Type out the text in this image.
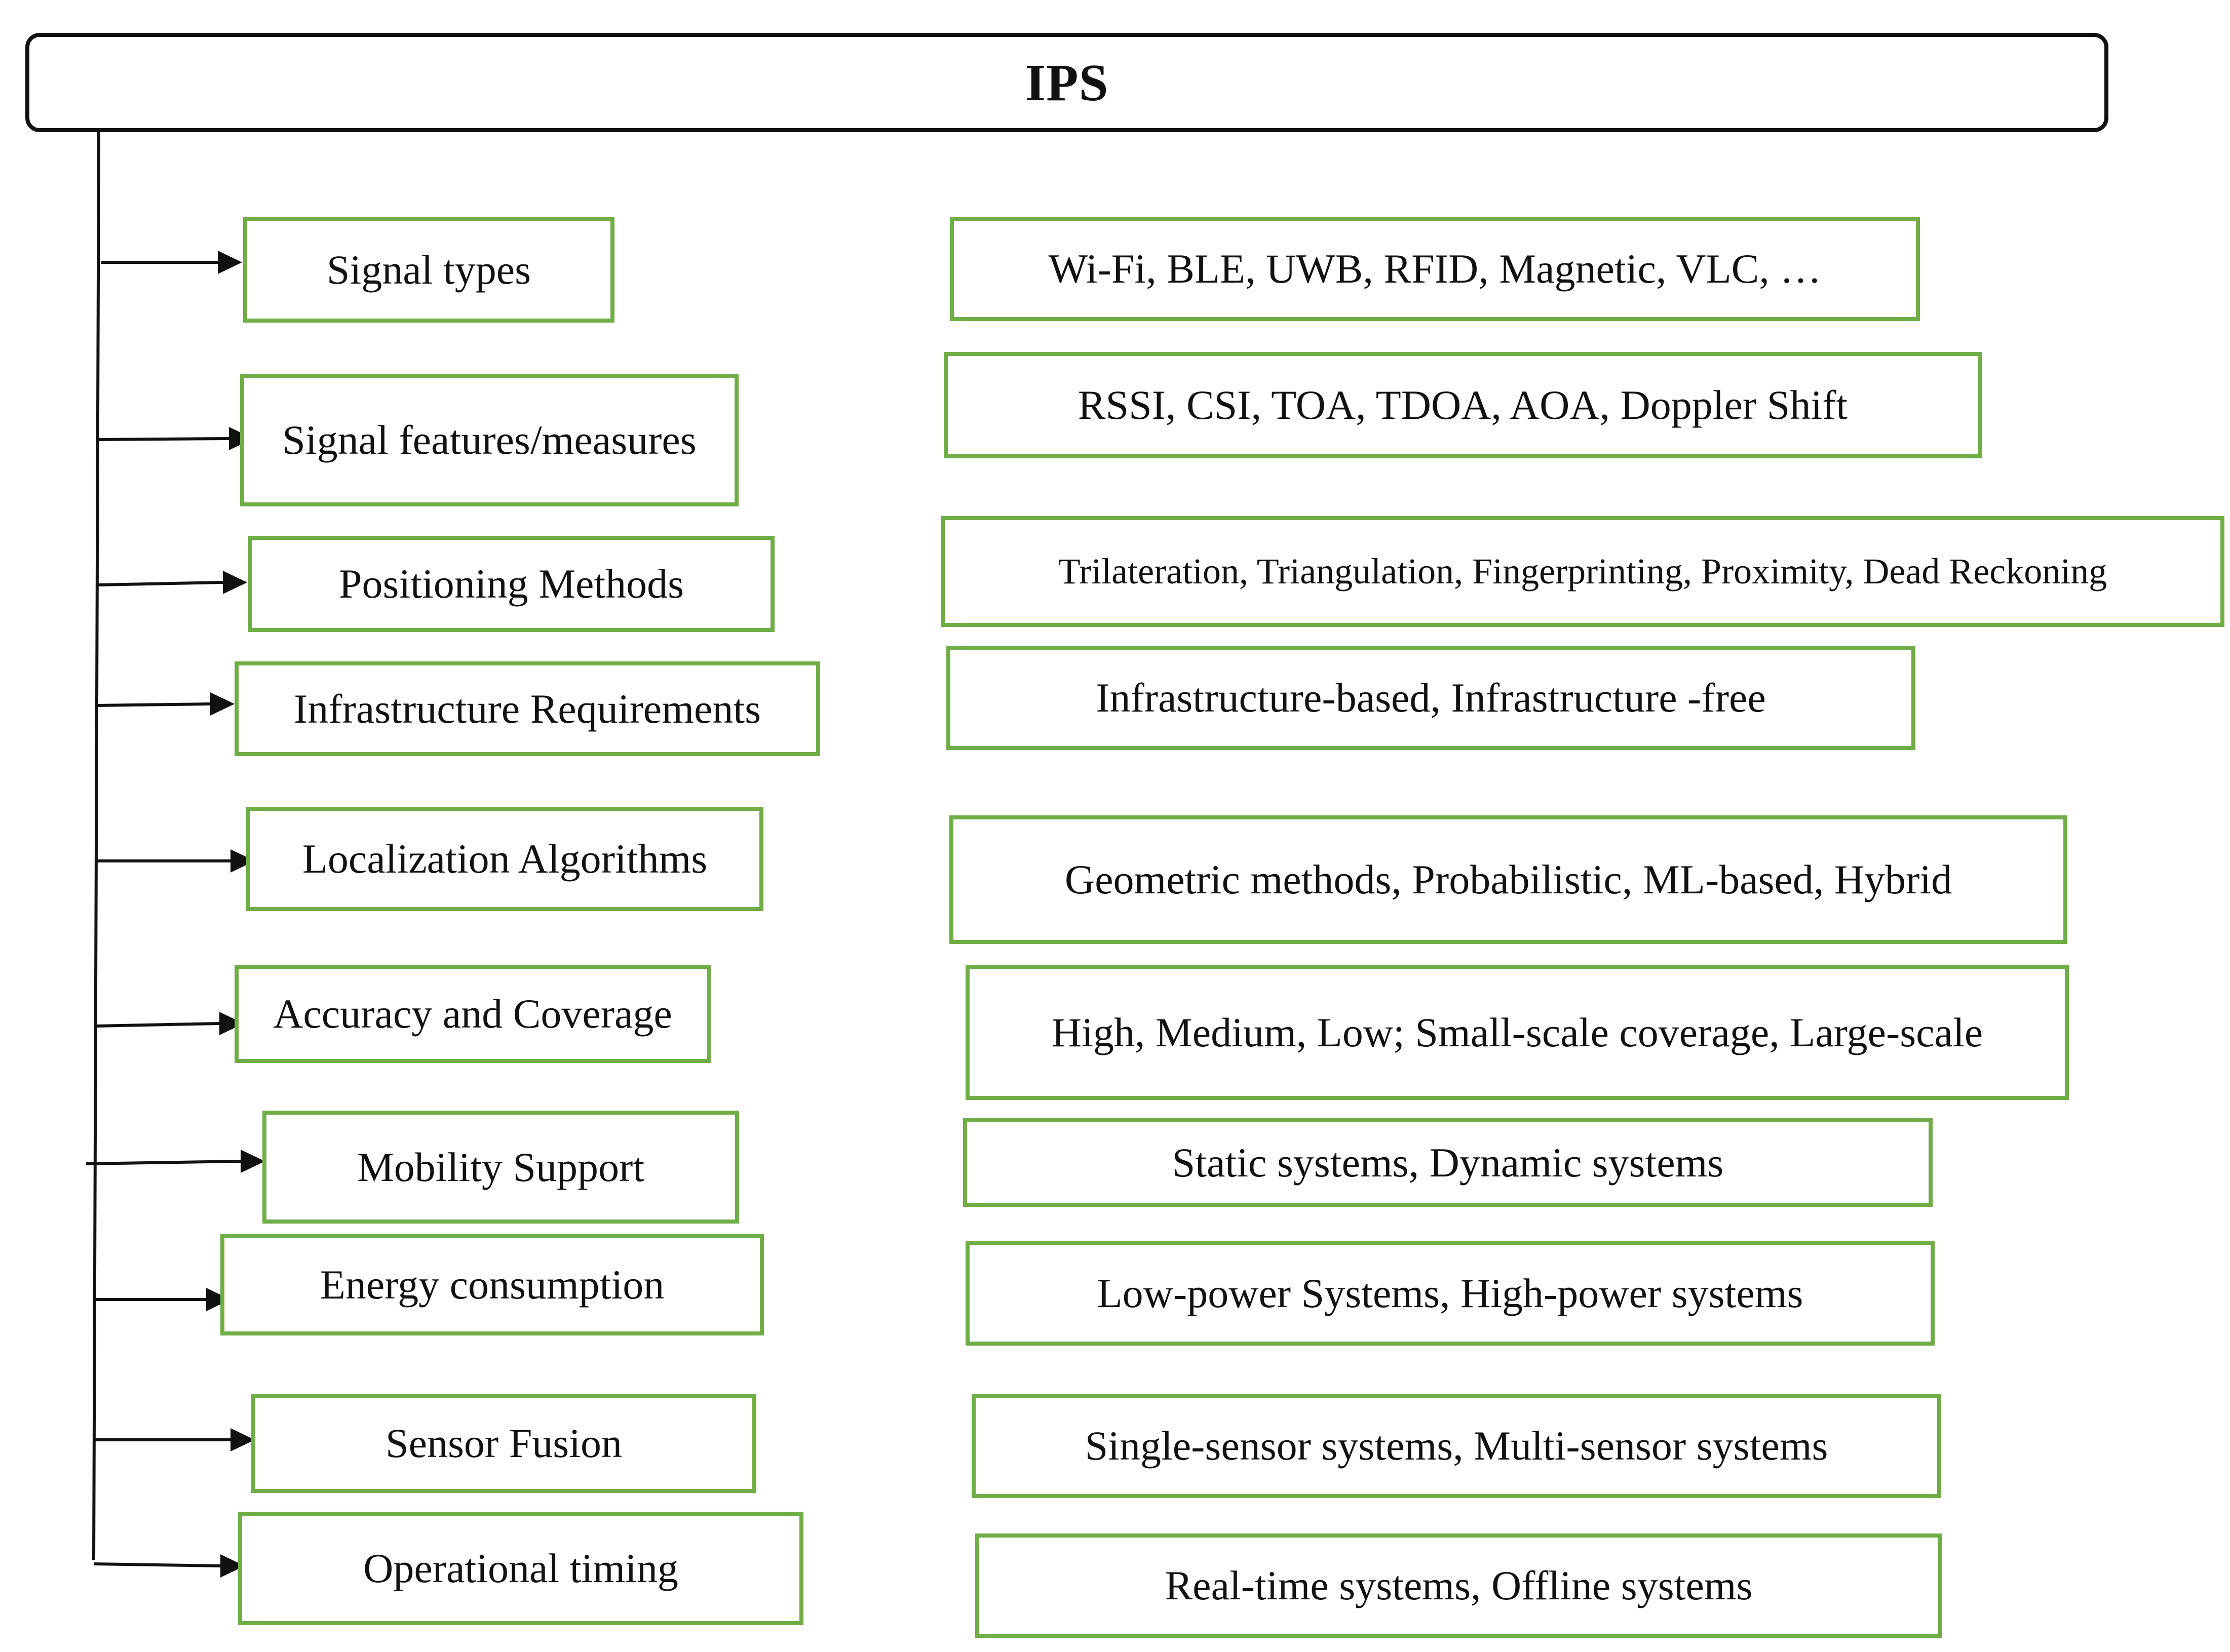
IPS
Signal types
Signal features/measures
Positioning Methods
Infrastructure Requirements
Localization Algorithms
Accuracy and Coverage
Mobility Support
Energy consumption
Sensor Fusion
Operational timing
Wi-Fi, BLE, UWB, RFID, Magnetic, VLC, …
RSSI, CSI, TOA, TDOA, AOA, Doppler Shift
Trilateration, Triangulation, Fingerprinting, Proximity, Dead Reckoning
Infrastructure-based, Infrastructure -free
Geometric methods, Probabilistic, ML-based, Hybrid
High, Medium, Low; Small-scale coverage, Large-scale
Static systems, Dynamic systems
Low-power Systems, High-power systems
Single-sensor systems, Multi-sensor systems
Real-time systems, Offline systems
